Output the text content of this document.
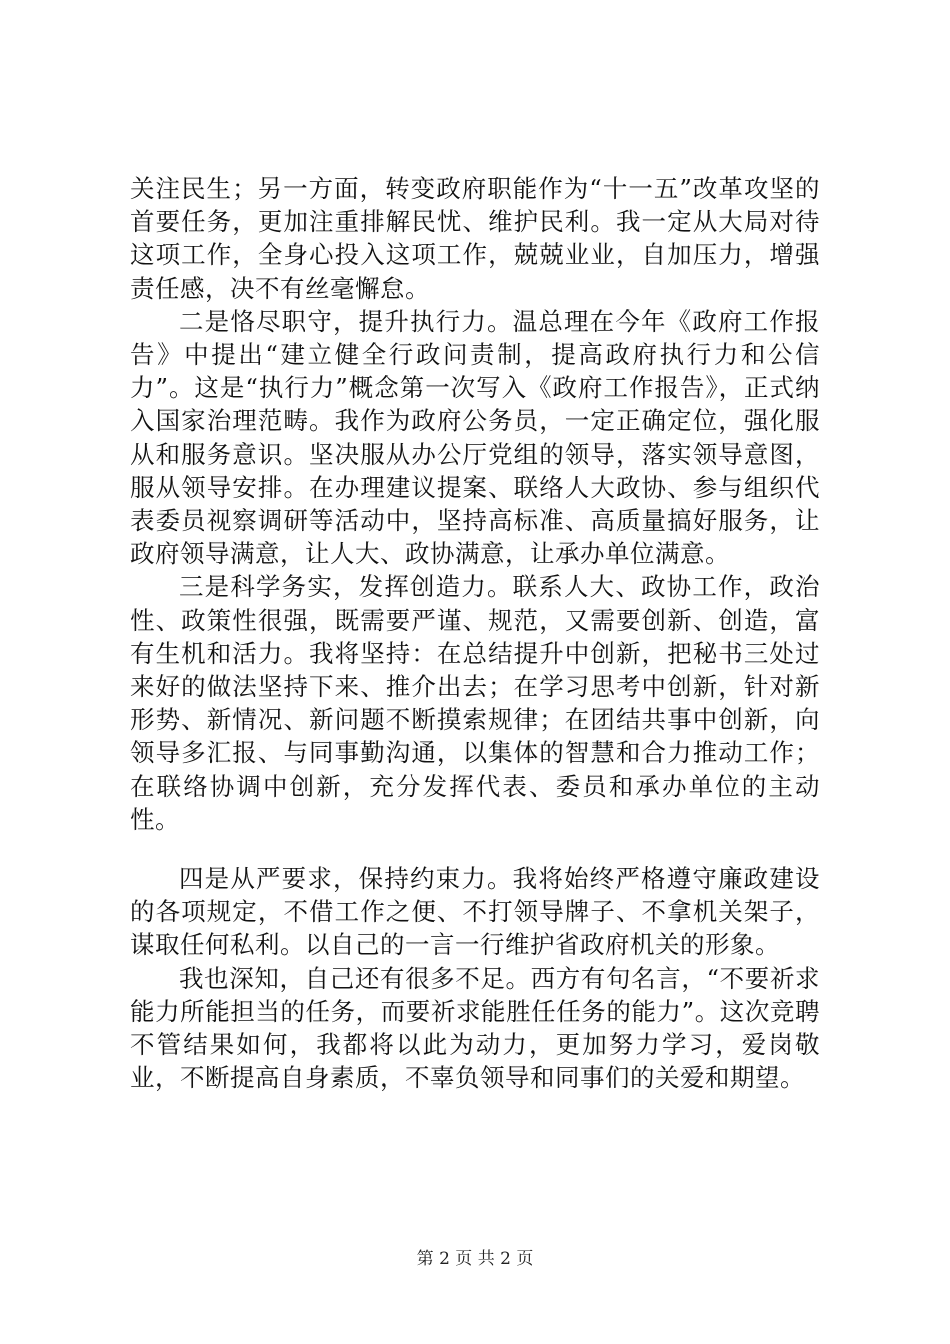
关注民生；另一方面，转变政府职能作为“十一五”改革攻坚的首要任务，更加注重排解民忧、维护民利。我一定从大局对待这项工作，全身心投入这项工作，兢兢业业，自加压力，增强责任感，决不有丝毫懈怠。

二是恪尽职守，提升执行力。温总理在今年《政府工作报告》中提出“建立健全行政问责制，提高政府执行力和公信力”。这是“执行力”概念第一次写入《政府工作报告》，正式纳入国家治理范畴。我作为政府公务员，一定正确定位，强化服从和服务意识。坚决服从办公厅党组的领导，落实领导意图，服从领导安排。在办理建议提案、联络人大政协、参与组织代表委员视察调研等活动中，坚持高标准、高质量搞好服务，让政府领导满意，让人大、政协满意，让承办单位满意。

三是科学务实，发挥创造力。联系人大、政协工作，政治性、政策性很强，既需要严谨、规范，又需要创新、创造，富有生机和活力。我将坚持：在总结提升中创新，把秘书三处过来好的做法坚持下来、推介出去；在学习思考中创新，针对新形势、新情况、新问题不断摸索规律；在团结共事中创新，向领导多汇报、与同事勤沟通，以集体的智慧和合力推动工作；在联络协调中创新，充分发挥代表、委员和承办单位的主动性。

四是从严要求，保持约束力。我将始终严格遵守廉政建设的各项规定，不借工作之便、不打领导牌子、不拿机关架子，谋取任何私利。以自己的一言一行维护省政府机关的形象。

我也深知，自己还有很多不足。西方有句名言，“不要祈求能力所能担当的任务，而要祈求能胜任任务的能力”。这次竞聘不管结果如何，我都将以此为动力，更加努力学习，爱岗敬业，不断提高自身素质，不辜负领导和同事们的关爱和期望。

第 2 页 共 2 页
